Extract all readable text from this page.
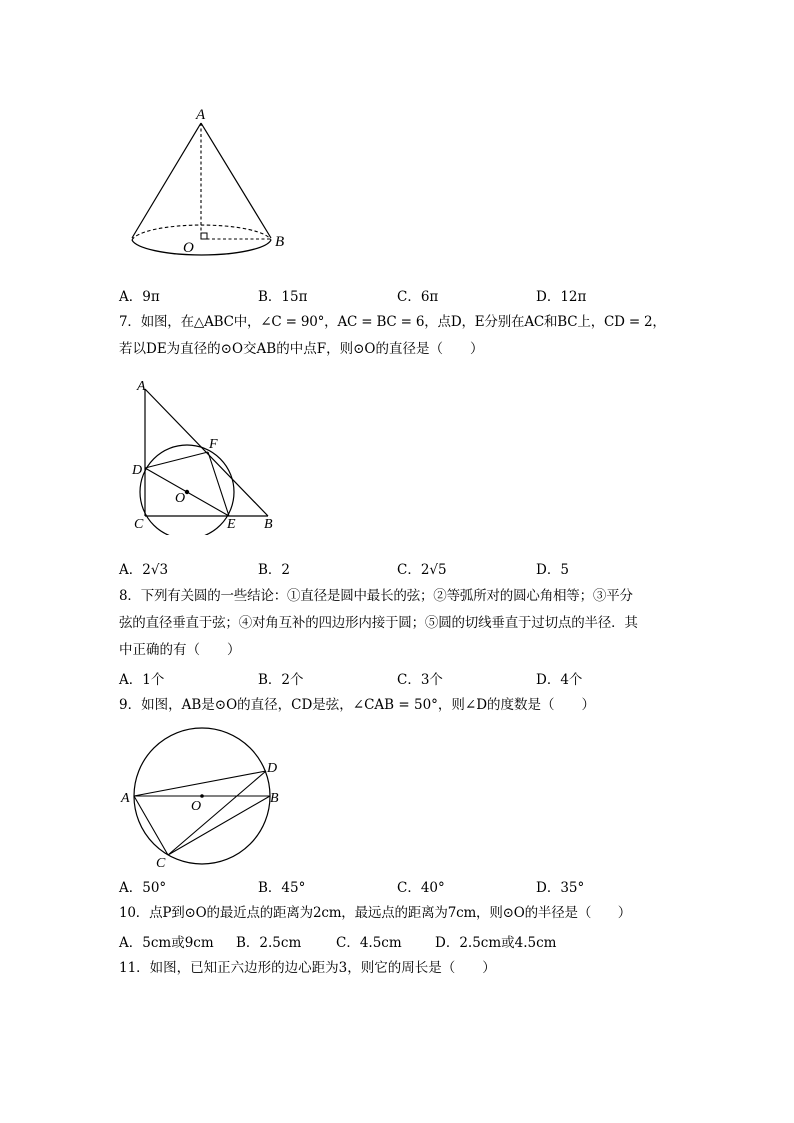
A
O	B
A．9π	B．15π	C．6π	D．12π
7．如图，在△ABC中，∠C = 90°，AC = BC = 6，点D，E分别在AC和BC上，CD = 2，
若以DE为直径的⊙O交AB的中点F，则⊙O的直径是（　　）
A
F
D
O
C	E B
A．2√3	B．2	C．2√5	D．5
8．下列有关圆的一些结论：①直径是圆中最长的弦；②等弧所对的圆心角相等；③平分
弦的直径垂直于弦；④对角互补的四边形内接于圆；⑤圆的切线垂直于过切点的半径．其
中正确的有（　　）
A．1个	B．2个	C．3个	D．4个
9．如图，AB是⊙O的直径，CD是弦，∠CAB = 50°，则∠D的度数是（　　）
A
O
B
C
D
A．50°	B．45°	C．40°	D．35°
10．点P到⊙O的最近点的距离为2cm，最远点的距离为7cm，则⊙O的半径是（　　）
A．5cm或9cm B．2.5cm	C．4.5cm D．2.5cm或4.5cm
11．如图，已知正六边形的边心距为3，则它的周长是（　　）
